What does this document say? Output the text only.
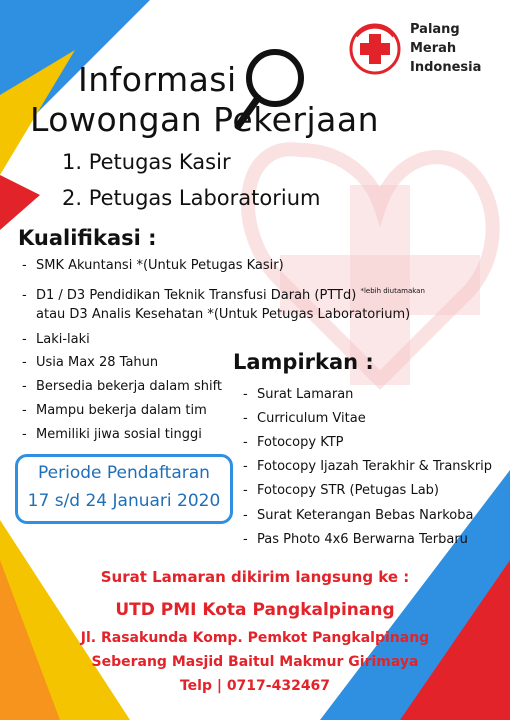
Palang
Merah
Indonesia
Informasi
Lowongan Pekerjaan
1. Petugas Kasir
2. Petugas Laboratorium
Kualifikasi :
- SMK Akuntansi *(Untuk Petugas Kasir)
- D1 / D3 Pendidikan Teknik Transfusi Darah (PTTd) $^{*lebih diutamakan}$
atau D3 Analis Kesehatan *(Untuk Petugas Laboratorium)
- Laki-laki
- Usia Max 28 Tahun
- Bersedia bekerja dalam shift
- Mampu bekerja dalam tim
- Memiliki jiwa sosial tinggi
Lampirkan :
- Surat Lamaran
- Curriculum Vitae
- Fotocopy KTP
- Fotocopy Ijazah Terakhir & Transkrip
- Fotocopy STR (Petugas Lab)
- Surat Keterangan Bebas Narkoba
- Pas Photo 4x6 Berwarna Terbaru
Periode Pendaftaran
17 s/d 24 Januari 2020
Surat Lamaran dikirim langsung ke :
UTD PMI Kota Pangkalpinang
Jl. Rasakunda Komp. Pemkot Pangkalpinang
Seberang Masjid Baitul Makmur Girimaya
Telp | 0717-432467
